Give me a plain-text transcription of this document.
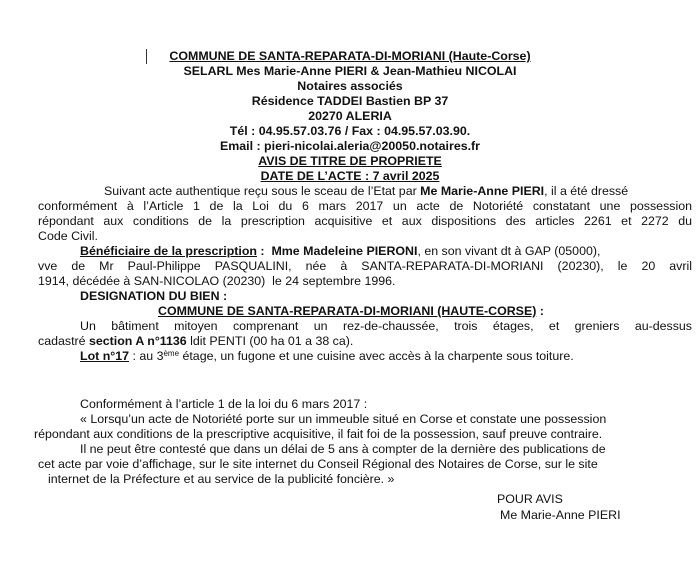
COMMUNE DE SANTA-REPARATA-DI-MORIANI (Haute-Corse)
SELARL Mes Marie-Anne PIERI & Jean-Mathieu NICOLAI
Notaires associés
Résidence TADDEI Bastien BP 37
20270 ALERIA
Tél : 04.95.57.03.76 / Fax : 04.95.57.03.90.
Email : pieri-nicolai.aleria@20050.notaires.fr
AVIS DE TITRE DE PROPRIETE
DATE DE L’ACTE : 7 avril 2025
Suivant acte authentique reçu sous le sceau de l’Etat par Me Marie-Anne PIERI, il a été dressé
conformément à l’Article 1 de la Loi du 6 mars 2017 un acte de Notoriété constatant une possession
répondant aux conditions de la prescription acquisitive et aux dispositions des articles 2261 et 2272 du
Code Civil.
Bénéficiaire de la prescription :  Mme Madeleine PIERONI, en son vivant dt à GAP (05000),
vve de Mr Paul-Philippe PASQUALINI, née à SANTA-REPARATA-DI-MORIANI (20230), le 20 avril
1914, décédée à SAN-NICOLAO (20230)  le 24 septembre 1996.
DESIGNATION DU BIEN :
COMMUNE DE SANTA-REPARATA-DI-MORIANI (HAUTE-CORSE) :
Un bâtiment mitoyen comprenant un rez-de-chaussée, trois étages, et greniers au-dessus
cadastré section A n°1136 ldit PENTI (00 ha 01 a 38 ca).
Lot n°17 : au 3ème étage, un fugone et une cuisine avec accès à la charpente sous toiture.
Conformément à l’article 1 de la loi du 6 mars 2017 :
« Lorsqu’un acte de Notoriété porte sur un immeuble situé en Corse et constate une possession
répondant aux conditions de la prescriptive acquisitive, il fait foi de la possession, sauf preuve contraire.
Il ne peut être contesté que dans un délai de 5 ans à compter de la dernière des publications de
cet acte par voie d’affichage, sur le site internet du Conseil Régional des Notaires de Corse, sur le site
internet de la Préfecture et au service de la publicité foncière. »
POUR AVIS
Me Marie-Anne PIERI
